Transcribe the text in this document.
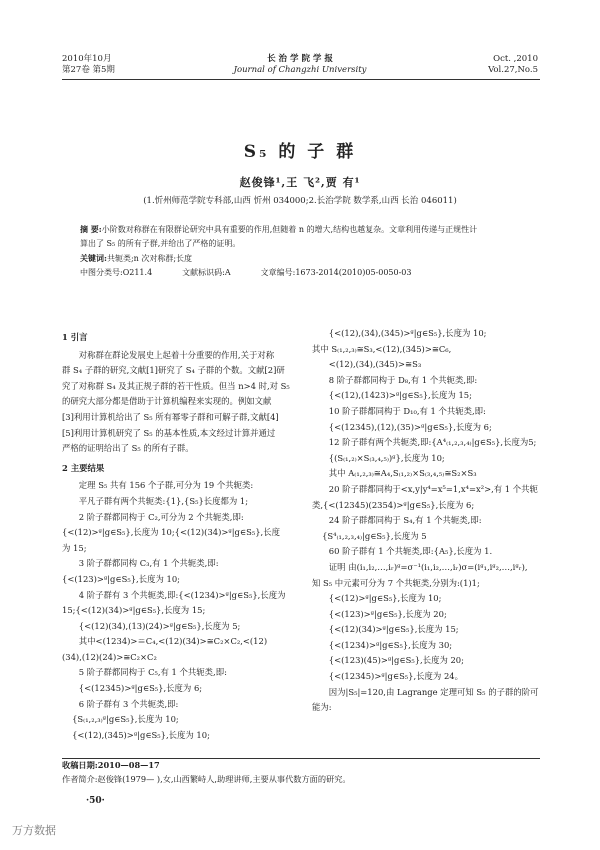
2010年10月
第27卷 第5期
长 治 学 院 学 报
Journal of Changzhi University
Oct. ,2010
Vol.27,No.5
S₅ 的 子 群
赵俊锋¹,王 飞²,贾 有¹
(1.忻州师范学院专科部,山西 忻州 034000;2.长治学院 数学系,山西 长治 046011)
摘 要:小阶数对称群在有限群论研究中具有重要的作用,但随着 n 的增大,结构也越复杂。文章利用传递与正规性计
算出了 S₅ 的所有子群,并给出了严格的证明。
关键词:共轭类;n 次对称群;长度
中图分类号:O211.4	文献标识码:A	文章编号:1673-2014(2010)05-0050-03

1 引言

对称群在群论发展史上起着十分重要的作用,关于对称

群 S₄ 子群的研究,文献[1]研究了 S₄ 子群的个数。文献[2]研

究了对称群 S₄ 及其正规子群的若干性质。但当 n>4 时,对 S₅

的研究大部分都是借助于计算机编程来实现的。例如文献

[3]利用计算机给出了 S₅ 所有幂零子群和可解子群,文献[4]

[5]利用计算机研究了 S₅ 的基本性质,本文经过计算并通过

严格的证明给出了 S₅ 的所有子群。

2 主要结果

定理 S₅ 共有 156 个子群,可分为 19 个共轭类:

平凡子群有两个共轭类:{1},{S₅}长度都为 1;

2 阶子群都同构于 C₂,可分为 2 个共轭类,即:

{<(12)>ᵍ|g∈S₅},长度为 10;{<(12)(34)>ᵍ|g∈S₅},长度

为 15;

3 阶子群都同构 C₃,有 1 个共轭类,即:

{<(123)>ᵍ|g∈S₅},长度为 10;

4 阶子群有 3 个共轭类,即:{<(1234)>ᵍ|g∈S₅},长度为

15;{<(12)(34)>ᵍ|g∈S₅},长度为 15;

{<(12)(34),(13)(24)>ᵍ|g∈S₅},长度为 5;

其中<(1234)>≅C₄,<(12)(34)>≅C₂×C₂,<(12)

(34),(12)(24)>≅C₂×C₂

5 阶子群都同构于 C₅,有 1 个共轭类,即:

{<(12345)>ᵍ|g∈S₅},长度为 6;

6 阶子群有 3 个共轭类,即:

{S₍₁,₂,₃₎ᵍ|g∈S₅},长度为 10;

{<(12),(345)>ᵍ|g∈S₅},长度为 10;

{<(12),(34),(345)>ᵍ|g∈S₅},长度为 10;

其中 S₍₁,₂,₃₎≅S₃,<(12),(345)>≅C₆,

<(12),(34),(345)>≅S₃

8 阶子群都同构于 D₈,有 1 个共轭类,即:

{<(12),(1423)>ᵍ|g∈S₅},长度为 15;

10 阶子群都同构于 D₁₀,有 1 个共轭类,即:

{<(12345),(12),(35)>ᵍ|g∈S₅},长度为 6;

12 阶子群有两个共轭类,即:{A⁴₍₁,₂,₃,₄₎|g∈S₅},长度为5;

{(S₍₁,₂₎×S₍₃,₄,₅₎)ᵍ},长度为 10;

其中 A₍₁,₂,₃₎≅A₄,S₍₁,₂₎×S₍₃,₄,₅₎≅S₂×S₃

20 阶子群都同构于<x,y|y⁴=x⁵=1,x⁴=x²>,有 1 个共轭

类,{<(12345)(2354)>ᵍ|g∈S₅},长度为 6;

24 阶子群都同构于 S₄,有 1 个共轭类,即:

{S⁴₍₁,₂,₃,₄₎|g∈S₅},长度为 5

60 阶子群有 1 个共轭类,即:{A₅},长度为 1.

证明 由(i₁,i₂,…,iᵣ)ᵍ=σ⁻¹(i₁,i₂,…,iᵣ)σ=(iᵍ₁,iᵍ₂,…,iᵍᵣ),

知 S₅ 中元素可分为 7 个共轭类,分别为:(1)1;

{<(12)>ᵍ|g∈S₅},长度为 10;

{<(123)>ᵍ|g∈S₅},长度为 20;

{<(12)(34)>ᵍ|g∈S₅},长度为 15;

{<(1234)>ᵍ|g∈S₅},长度为 30;

{<(123)(45)>ᵍ|g∈S₅},长度为 20;

{<(12345)>ᵍ|g∈S₅},长度为 24。

因为|S₅|=120,由 Lagrange 定理可知 S₅ 的子群的阶可

能为:

收稿日期:2010—08—17
作者简介:赵俊锋(1979— ),女,山西繁峙人,助理讲师,主要从事代数方面的研究。
·50·
万方数据
